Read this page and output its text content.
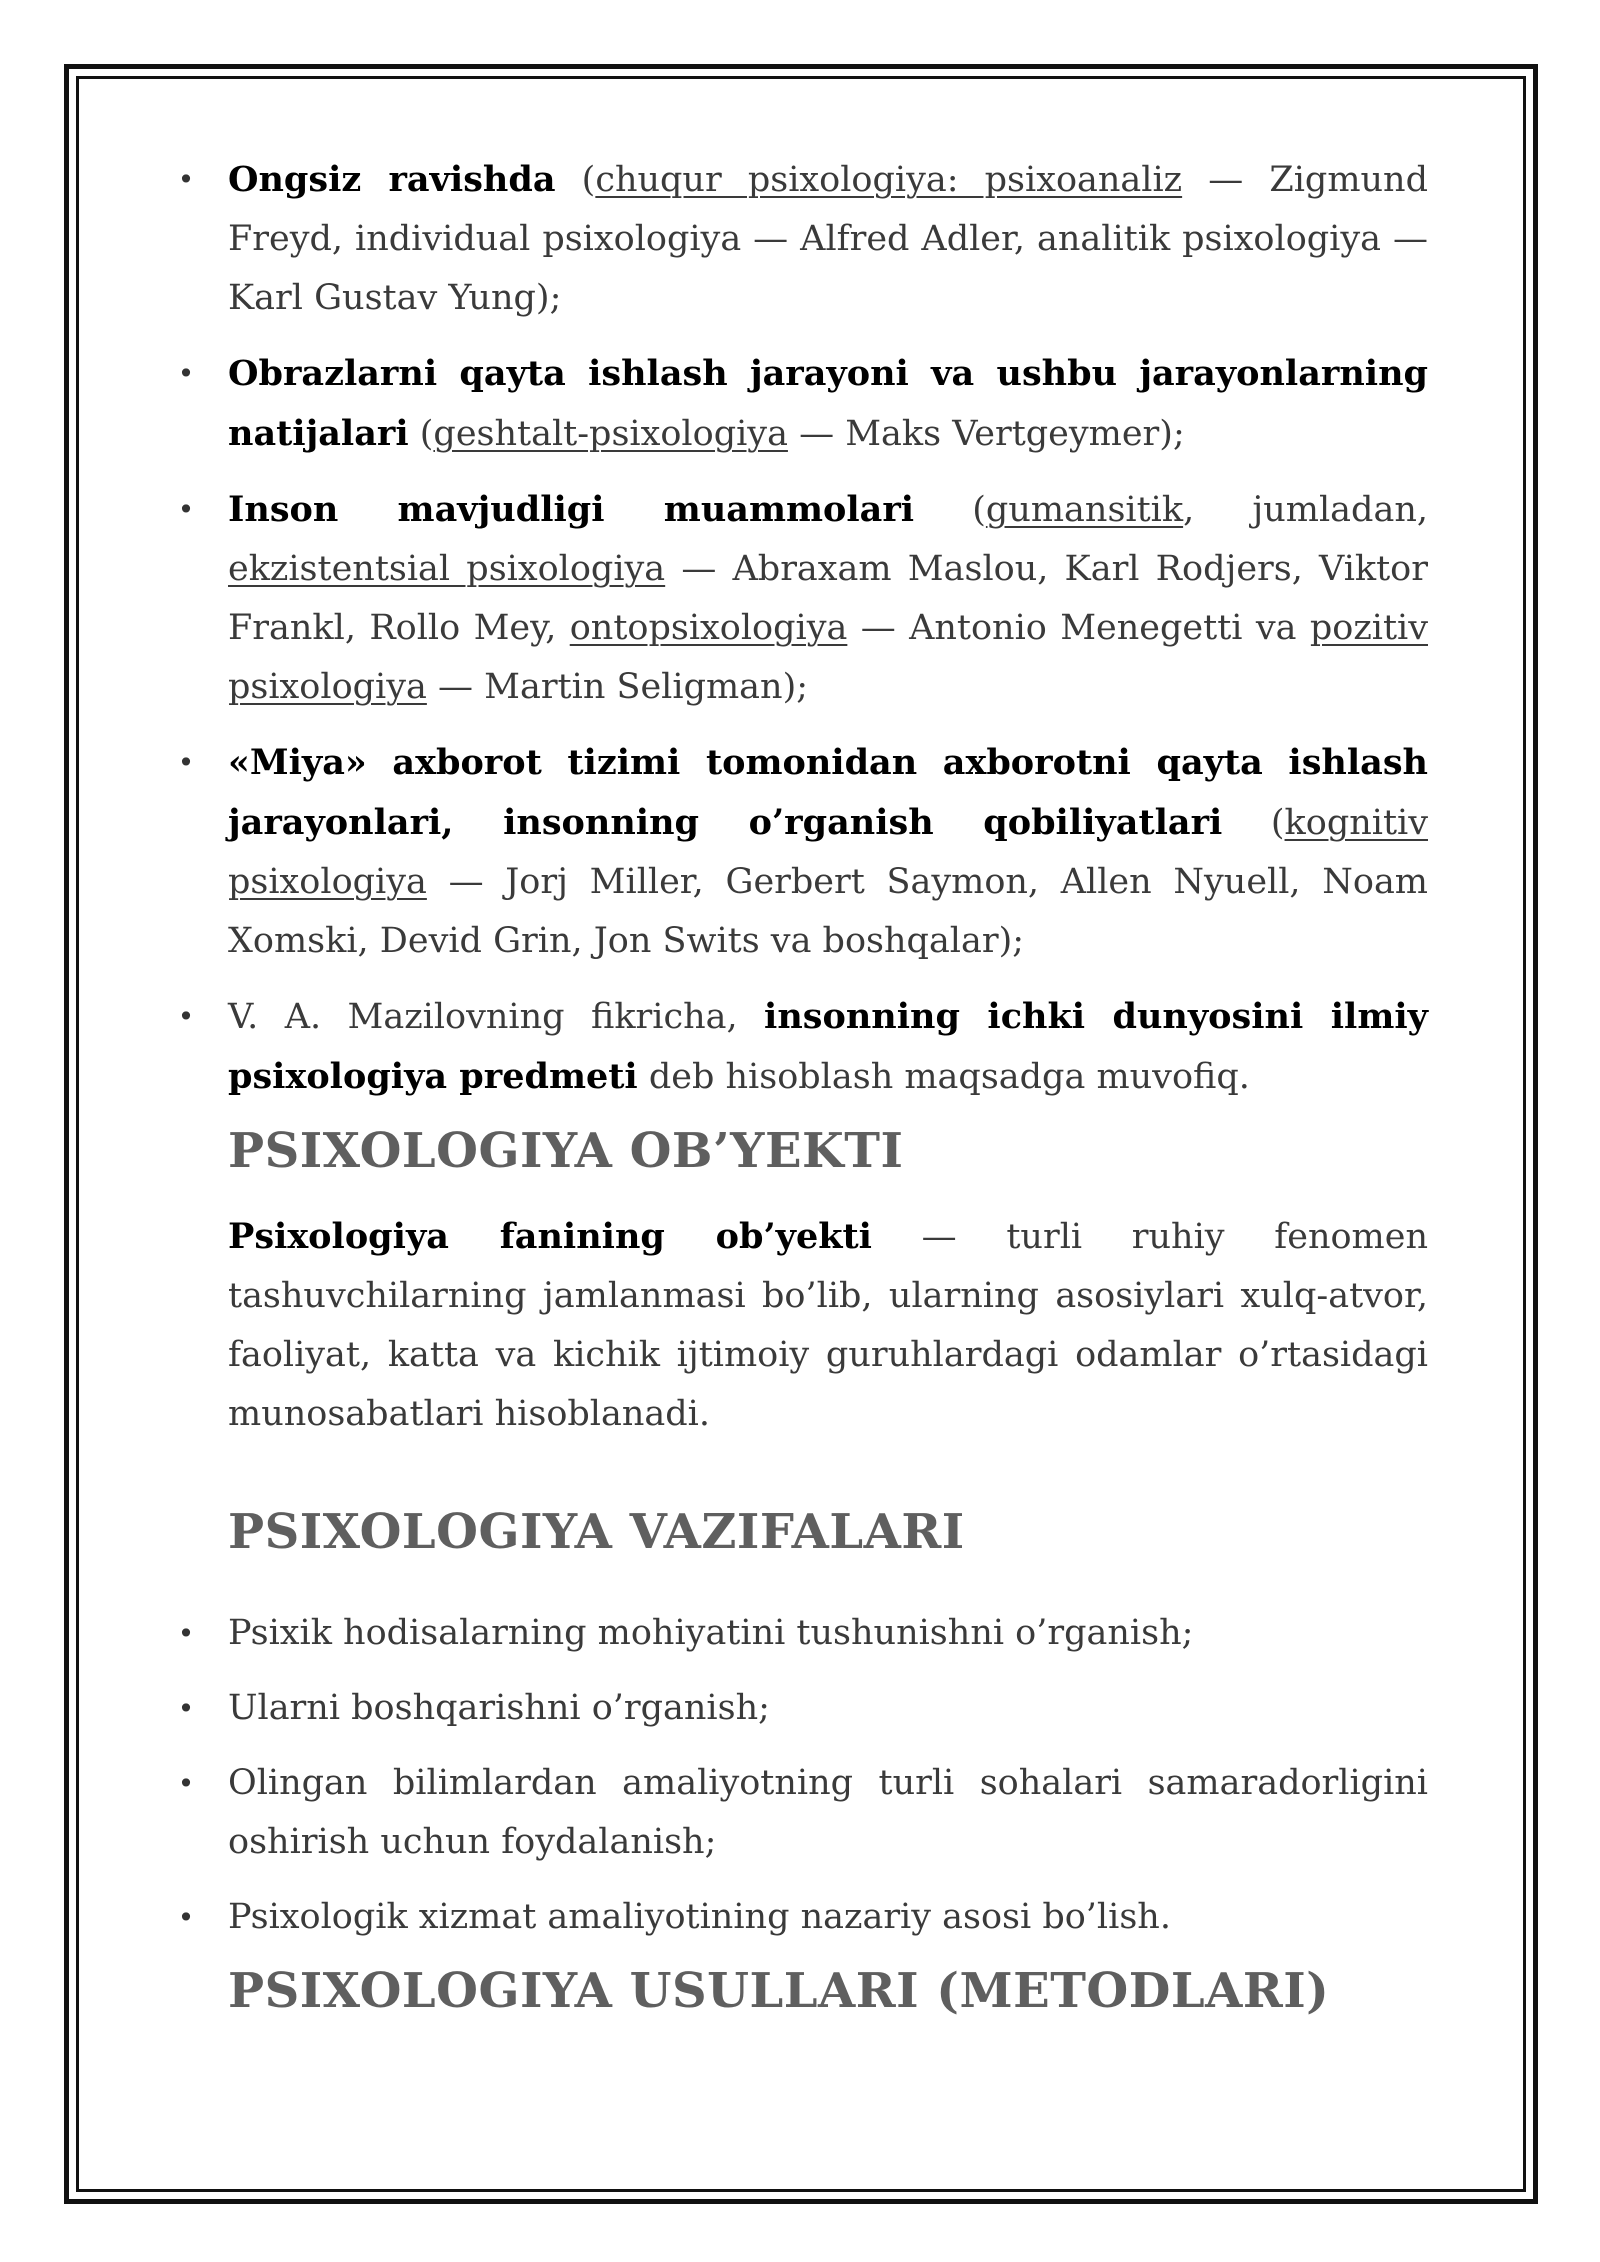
• Ongsiz ravishda (chuqur psixologiya: psixoanaliz — Zigmund Freyd, individual psixologiya — Alfred Adler, analitik psixologiya — Karl Gustav Yung);
• Obrazlarni qayta ishlash jarayoni va ushbu jarayonlarning natijalari (geshtalt-psixologiya — Maks Vertgeymer);
• Inson mavjudligi muammolari (gumansitik, jumladan, ekzistentsial psixologiya — Abraxam Maslou, Karl Rodjers, Viktor Frankl, Rollo Mey, ontopsixologiya — Antonio Menegetti va pozitiv psixologiya — Martin Seligman);
• «Miya» axborot tizimi tomonidan axborotni qayta ishlash jarayonlari, insonning o’rganish qobiliyatlari (kognitiv psixologiya — Jorj Miller, Gerbert Saymon, Allen Nyuell, Noam Xomski, Devid Grin, Jon Swits va boshqalar);
• V. A. Mazilovning fikricha, insonning ichki dunyosini ilmiy psixologiya predmeti deb hisoblash maqsadga muvofiq.
PSIXOLOGIYA OB’YEKTI

Psixologiya fanining ob’yekti — turli ruhiy fenomen tashuvchilarning jamlanmasi bo’lib, ularning asosiylari xulq-atvor, faoliyat, katta va kichik ijtimoiy guruhlardagi odamlar o’rtasidagi munosabatlari hisoblanadi.

PSIXOLOGIYA VAZIFALARI
• Psixik hodisalarning mohiyatini tushunishni o’rganish;
• Ularni boshqarishni o’rganish;
• Olingan bilimlardan amaliyotning turli sohalari samaradorligini oshirish uchun foydalanish;
• Psixologik xizmat amaliyotining nazariy asosi bo’lish.
PSIXOLOGIYA USULLARI (METODLARI)
